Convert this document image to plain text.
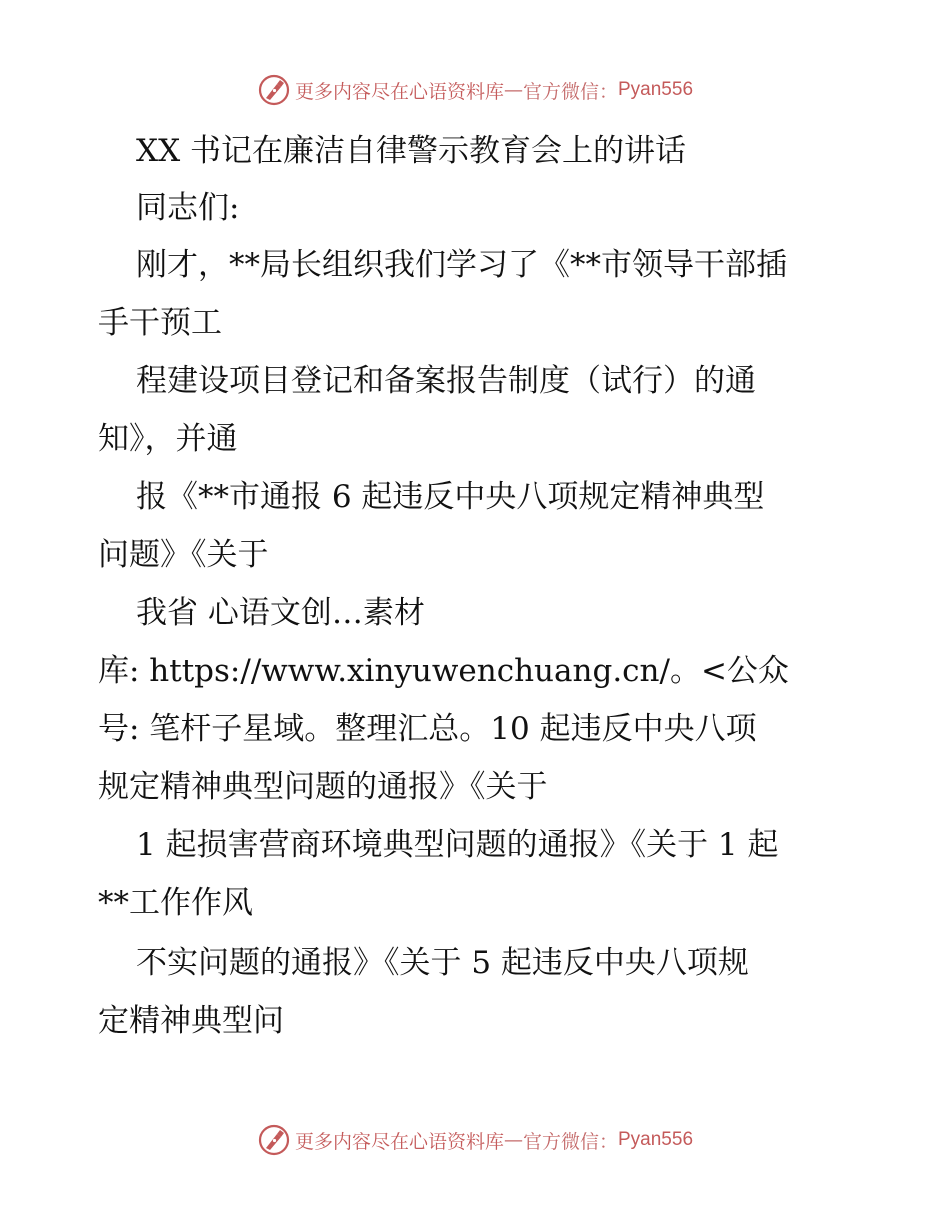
更多内容尽在心语资料库 — 官方微信： Pyan556
XX 书记在廉洁自律警示教育会上的讲话
同志们:
刚才，**局长组织我们学习了《**市领导干部插
手干预工
程建设项目登记和备案报告制度（试行）的通
知》，并通
报《**市通报 6 起违反中央八项规定精神典型
问题》《关于
我省 心语文创…素材
库: https://www.xinyuwenchuang.cn/。<公众
号: 笔杆子星域。整理汇总。10 起违反中央八项
规定精神典型问题的通报》《关于
1 起损害营商环境典型问题的通报》《关于 1 起
**工作作风
不实问题的通报》《关于 5 起违反中央八项规
定精神典型问
更多内容尽在心语资料库 — 官方微信： Pyan556
